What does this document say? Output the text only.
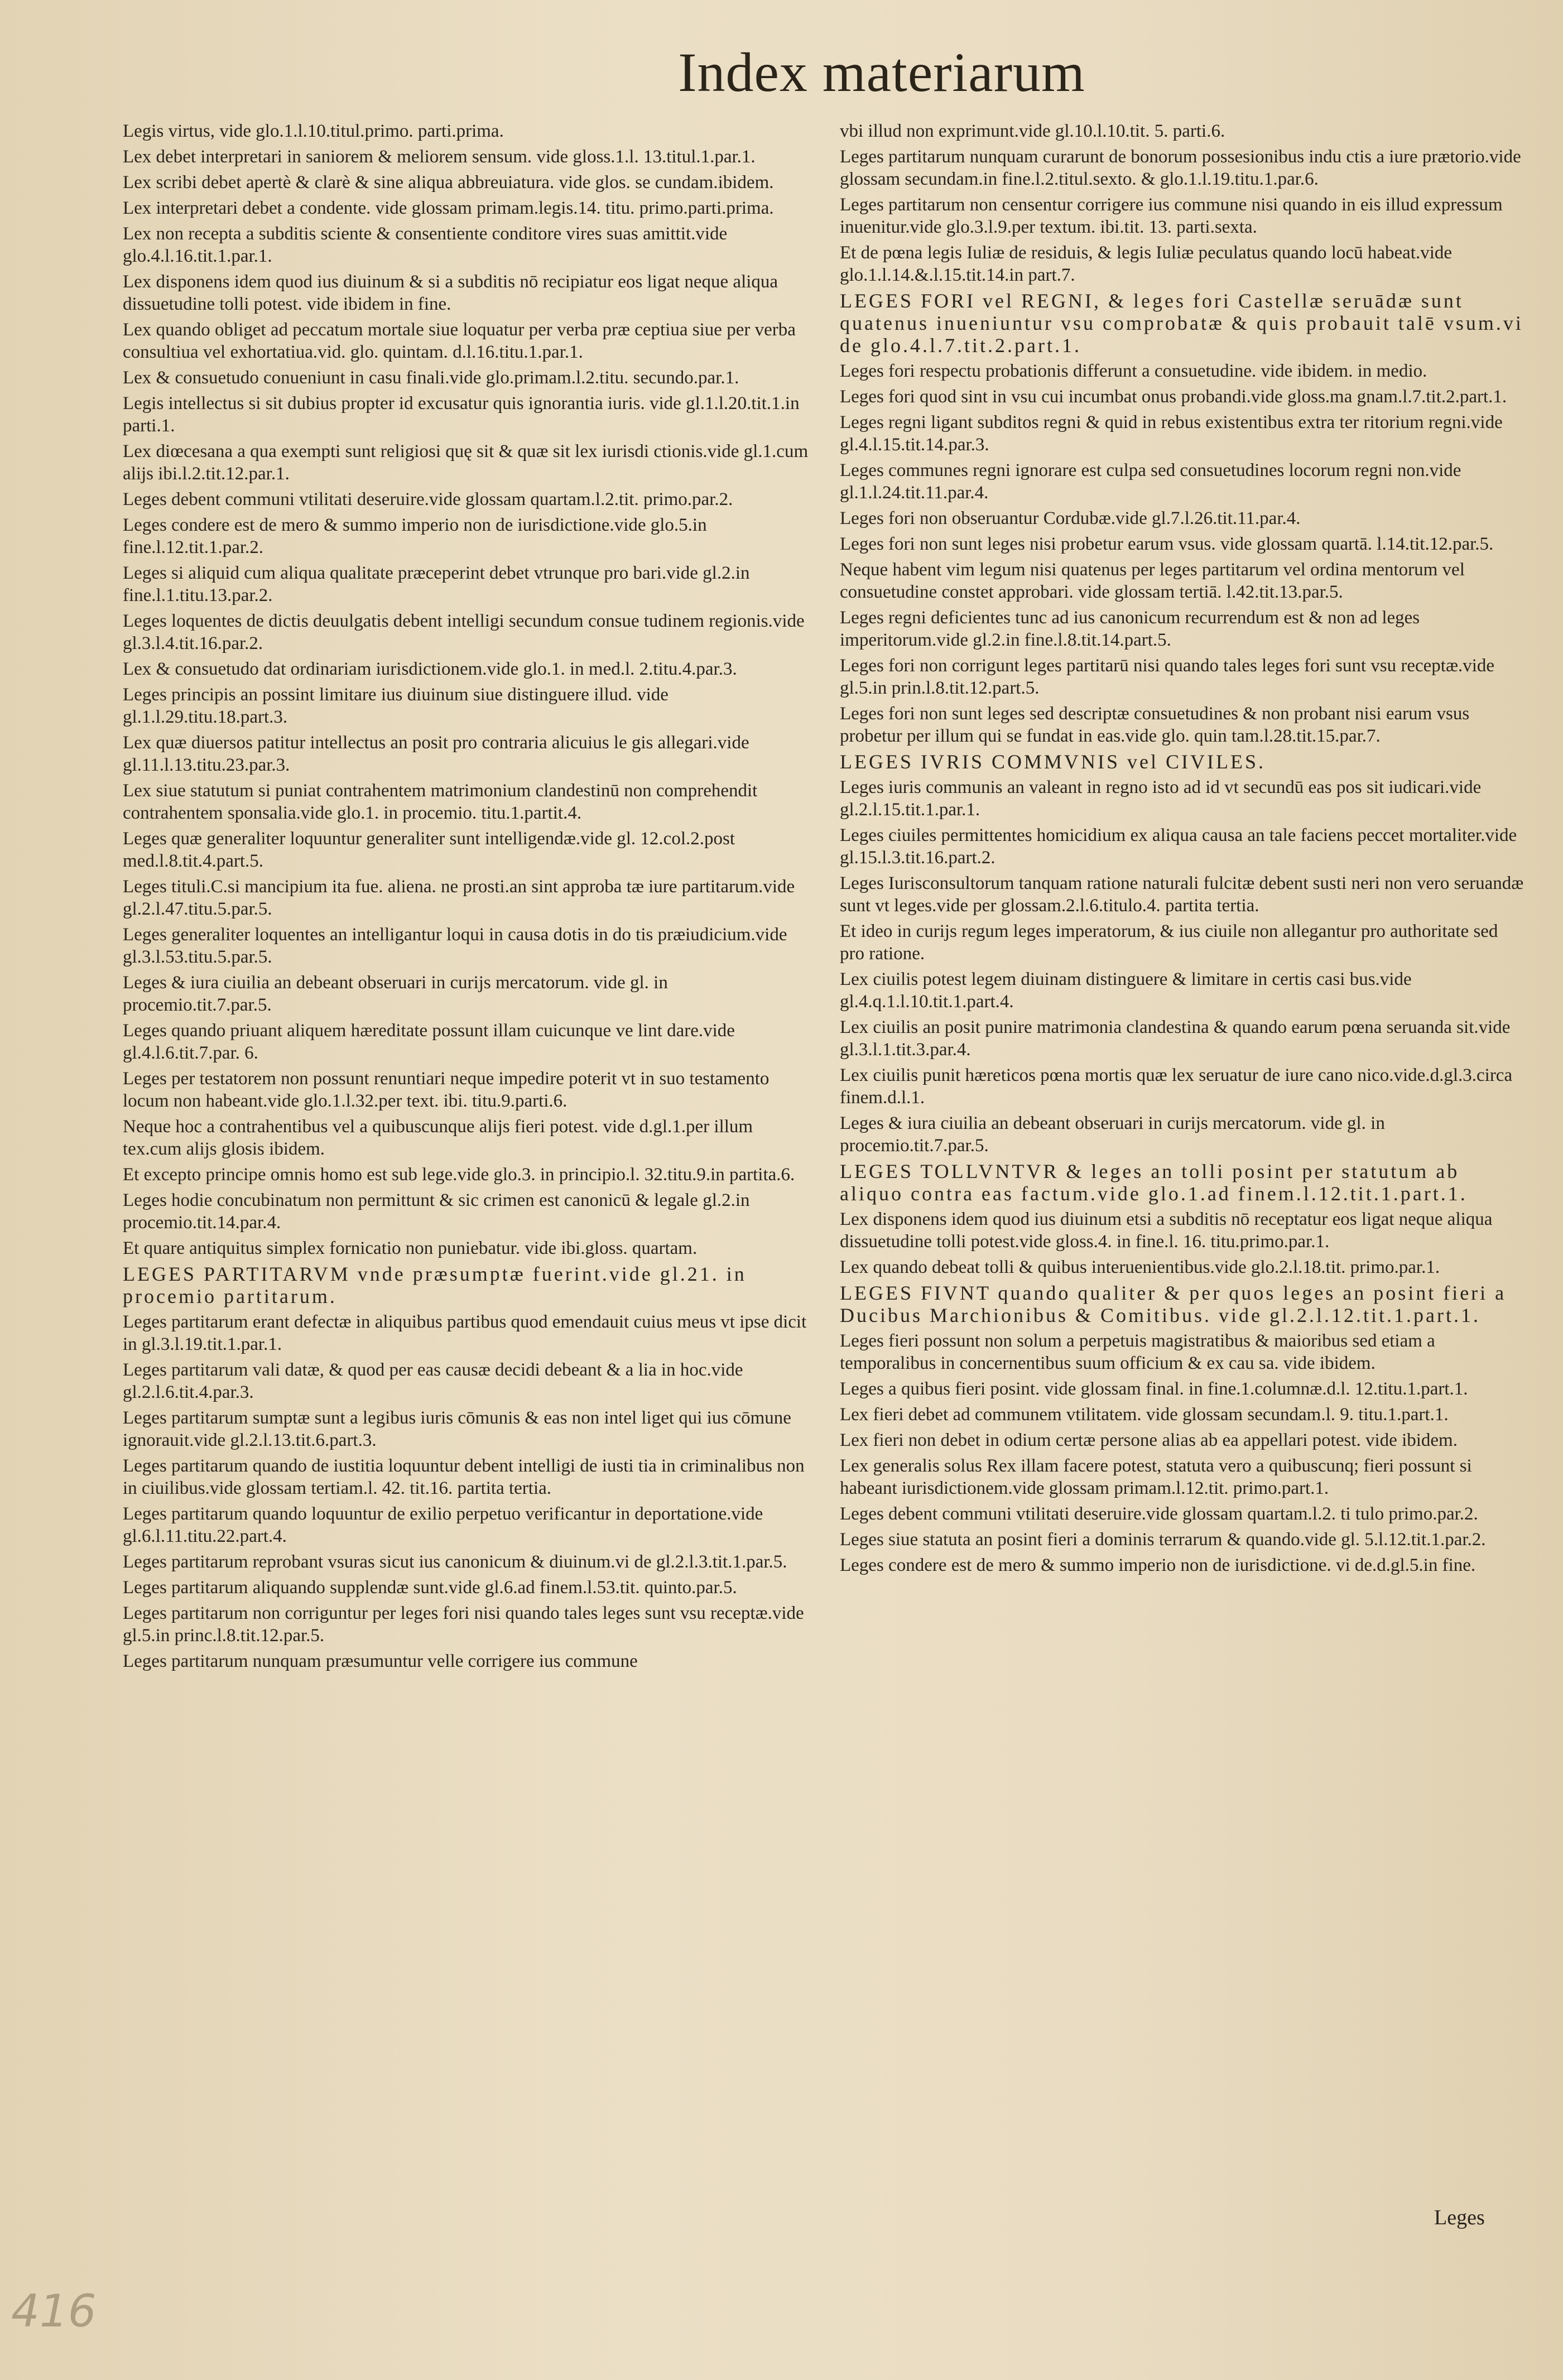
Index materiarum
Legis virtus, vide glo.1.l.10.titul.primo. parti.prima.
Lex debet interpretari in saniorem & meliorem sensum. vide gloss.1.l. 13.titul.1.par.1.
Lex scribi debet apertè & clarè & sine aliqua abbreuiatura. vide glos. se cundam.ibidem.
Lex interpretari debet a condente. vide glossam primam.legis.14. titu. primo.parti.prima.
Lex non recepta a subditis sciente & consentiente conditore vires suas amittit.vide glo.4.l.16.tit.1.par.1.
Lex disponens idem quod ius diuinum & si a subditis nō recipiatur eos ligat neque aliqua dissuetudine tolli potest. vide ibidem in fine.
Lex quando obliget ad peccatum mortale siue loquatur per verba præ ceptiua siue per verba consultiua vel exhortatiua.vid. glo. quintam. d.l.16.titu.1.par.1.
Lex & consuetudo conueniunt in casu finali.vide glo.primam.l.2.titu. secundo.par.1.
Legis intellectus si sit dubius propter id excusatur quis ignorantia iuris. vide gl.1.l.20.tit.1.in parti.1.
Lex diœcesana a qua exempti sunt religiosi quę sit & quæ sit lex iurisdi ctionis.vide gl.1.cum alijs ibi.l.2.tit.12.par.1.
Leges debent communi vtilitati deseruire.vide glossam quartam.l.2.tit. primo.par.2.
Leges condere est de mero & summo imperio non de iurisdictione.vide glo.5.in fine.l.12.tit.1.par.2.
Leges si aliquid cum aliqua qualitate præceperint debet vtrunque pro bari.vide gl.2.in fine.l.1.titu.13.par.2.
Leges loquentes de dictis deuulgatis debent intelligi secundum consue tudinem regionis.vide gl.3.l.4.tit.16.par.2.
Lex & consuetudo dat ordinariam iurisdictionem.vide glo.1. in med.l. 2.titu.4.par.3.
Leges principis an possint limitare ius diuinum siue distinguere illud. vide gl.1.l.29.titu.18.part.3.
Lex quæ diuersos patitur intellectus an posit pro contraria alicuius le gis allegari.vide gl.11.l.13.titu.23.par.3.
Lex siue statutum si puniat contrahentem matrimonium clandestinū non comprehendit contrahentem sponsalia.vide glo.1. in procemio. titu.1.partit.4.
Leges quæ generaliter loquuntur generaliter sunt intelligendæ.vide gl. 12.col.2.post med.l.8.tit.4.part.5.
Leges tituli.C.si mancipium ita fue. aliena. ne prosti.an sint approba tæ iure partitarum.vide gl.2.l.47.titu.5.par.5.
Leges generaliter loquentes an intelligantur loqui in causa dotis in do tis præiudicium.vide gl.3.l.53.titu.5.par.5.
Leges & iura ciuilia an debeant obseruari in curijs mercatorum. vide gl. in procemio.tit.7.par.5.
Leges quando priuant aliquem hæreditate possunt illam cuicunque ve lint dare.vide gl.4.l.6.tit.7.par. 6.
Leges per testatorem non possunt renuntiari neque impedire poterit vt in suo testamento locum non habeant.vide glo.1.l.32.per text. ibi. titu.9.parti.6.
Neque hoc a contrahentibus vel a quibuscunque alijs fieri potest. vide d.gl.1.per illum tex.cum alijs glosis ibidem.
Et excepto principe omnis homo est sub lege.vide glo.3. in principio.l. 32.titu.9.in partita.6.
Leges hodie concubinatum non permittunt & sic crimen est canonicū & legale gl.2.in procemio.tit.14.par.4.
Et quare antiquitus simplex fornicatio non puniebatur. vide ibi.gloss. quartam.
LEGES PARTITARVM vnde præsumptæ fuerint.vide gl.21. in procemio partitarum.
Leges partitarum erant defectæ in aliquibus partibus quod emendauit cuius meus vt ipse dicit in gl.3.l.19.tit.1.par.1.
Leges partitarum vali datæ, & quod per eas causæ decidi debeant & a lia in hoc.vide gl.2.l.6.tit.4.par.3.
Leges partitarum sumptæ sunt a legibus iuris cōmunis & eas non intel liget qui ius cōmune ignorauit.vide gl.2.l.13.tit.6.part.3.
Leges partitarum quando de iustitia loquuntur debent intelligi de iusti tia in criminalibus non in ciuilibus.vide glossam tertiam.l. 42. tit.16. partita tertia.
Leges partitarum quando loquuntur de exilio perpetuo verificantur in deportatione.vide gl.6.l.11.titu.22.part.4.
Leges partitarum reprobant vsuras sicut ius canonicum & diuinum.vi de gl.2.l.3.tit.1.par.5.
Leges partitarum aliquando supplendæ sunt.vide gl.6.ad finem.l.53.tit. quinto.par.5.
Leges partitarum non corriguntur per leges fori nisi quando tales leges sunt vsu receptæ.vide gl.5.in princ.l.8.tit.12.par.5.
Leges partitarum nunquam præsumuntur velle corrigere ius commune
vbi illud non exprimunt.vide gl.10.l.10.tit. 5. parti.6.
Leges partitarum nunquam curarunt de bonorum possesionibus indu ctis a iure prætorio.vide glossam secundam.in fine.l.2.titul.sexto. & glo.1.l.19.titu.1.par.6.
Leges partitarum non censentur corrigere ius commune nisi quando in eis illud expressum inuenitur.vide glo.3.l.9.per textum. ibi.tit. 13. parti.sexta.
Et de pœna legis Iuliæ de residuis, & legis Iuliæ peculatus quando locū habeat.vide glo.1.l.14.&.l.15.tit.14.in part.7.
LEGES FORI vel REGNI, & leges fori Castellæ seruādæ sunt quatenus inueniuntur vsu comprobatæ & quis probauit talē vsum.vi de glo.4.l.7.tit.2.part.1.
Leges fori respectu probationis differunt a consuetudine. vide ibidem. in medio.
Leges fori quod sint in vsu cui incumbat onus probandi.vide gloss.ma gnam.l.7.tit.2.part.1.
Leges regni ligant subditos regni & quid in rebus existentibus extra ter ritorium regni.vide gl.4.l.15.tit.14.par.3.
Leges communes regni ignorare est culpa sed consuetudines locorum regni non.vide gl.1.l.24.tit.11.par.4.
Leges fori non obseruantur Cordubæ.vide gl.7.l.26.tit.11.par.4.
Leges fori non sunt leges nisi probetur earum vsus. vide glossam quartā. l.14.tit.12.par.5.
Neque habent vim legum nisi quatenus per leges partitarum vel ordina mentorum vel consuetudine constet approbari. vide glossam tertiā. l.42.tit.13.par.5.
Leges regni deficientes tunc ad ius canonicum recurrendum est & non ad leges imperitorum.vide gl.2.in fine.l.8.tit.14.part.5.
Leges fori non corrigunt leges partitarū nisi quando tales leges fori sunt vsu receptæ.vide gl.5.in prin.l.8.tit.12.part.5.
Leges fori non sunt leges sed descriptæ consuetudines & non probant nisi earum vsus probetur per illum qui se fundat in eas.vide glo. quin tam.l.28.tit.15.par.7.
LEGES IVRIS COMMVNIS vel CIVILES.
Leges iuris communis an valeant in regno isto ad id vt secundū eas pos sit iudicari.vide gl.2.l.15.tit.1.par.1.
Leges ciuiles permittentes homicidium ex aliqua causa an tale faciens peccet mortaliter.vide gl.15.l.3.tit.16.part.2.
Leges Iurisconsultorum tanquam ratione naturali fulcitæ debent susti neri non vero seruandæ sunt vt leges.vide per glossam.2.l.6.titulo.4. partita tertia.
Et ideo in curijs regum leges imperatorum, & ius ciuile non allegantur pro authoritate sed pro ratione.
Lex ciuilis potest legem diuinam distinguere & limitare in certis casi bus.vide gl.4.q.1.l.10.tit.1.part.4.
Lex ciuilis an posit punire matrimonia clandestina & quando earum pœna seruanda sit.vide gl.3.l.1.tit.3.par.4.
Lex ciuilis punit hæreticos pœna mortis quæ lex seruatur de iure cano nico.vide.d.gl.3.circa finem.d.l.1.
Leges & iura ciuilia an debeant obseruari in curijs mercatorum. vide gl. in procemio.tit.7.par.5.
LEGES TOLLVNTVR & leges an tolli posint per statutum ab aliquo contra eas factum.vide glo.1.ad finem.l.12.tit.1.part.1.
Lex disponens idem quod ius diuinum etsi a subditis nō receptatur eos ligat neque aliqua dissuetudine tolli potest.vide gloss.4. in fine.l. 16. titu.primo.par.1.
Lex quando debeat tolli & quibus interuenientibus.vide glo.2.l.18.tit. primo.par.1.
LEGES FIVNT quando qualiter & per quos leges an posint fieri a Ducibus Marchionibus & Comitibus. vide gl.2.l.12.tit.1.part.1.
Leges fieri possunt non solum a perpetuis magistratibus & maioribus sed etiam a temporalibus in concernentibus suum officium & ex cau sa. vide ibidem.
Leges a quibus fieri posint. vide glossam final. in fine.1.columnæ.d.l. 12.titu.1.part.1.
Lex fieri debet ad communem vtilitatem. vide glossam secundam.l. 9. titu.1.part.1.
Lex fieri non debet in odium certæ persone alias ab ea appellari potest. vide ibidem.
Lex generalis solus Rex illam facere potest, statuta vero a quibuscunq; fieri possunt si habeant iurisdictionem.vide glossam primam.l.12.tit. primo.part.1.
Leges debent communi vtilitati deseruire.vide glossam quartam.l.2. ti tulo primo.par.2.
Leges siue statuta an posint fieri a dominis terrarum & quando.vide gl. 5.l.12.tit.1.par.2.
Leges condere est de mero & summo imperio non de iurisdictione. vi de.d.gl.5.in fine.
Leges
416
